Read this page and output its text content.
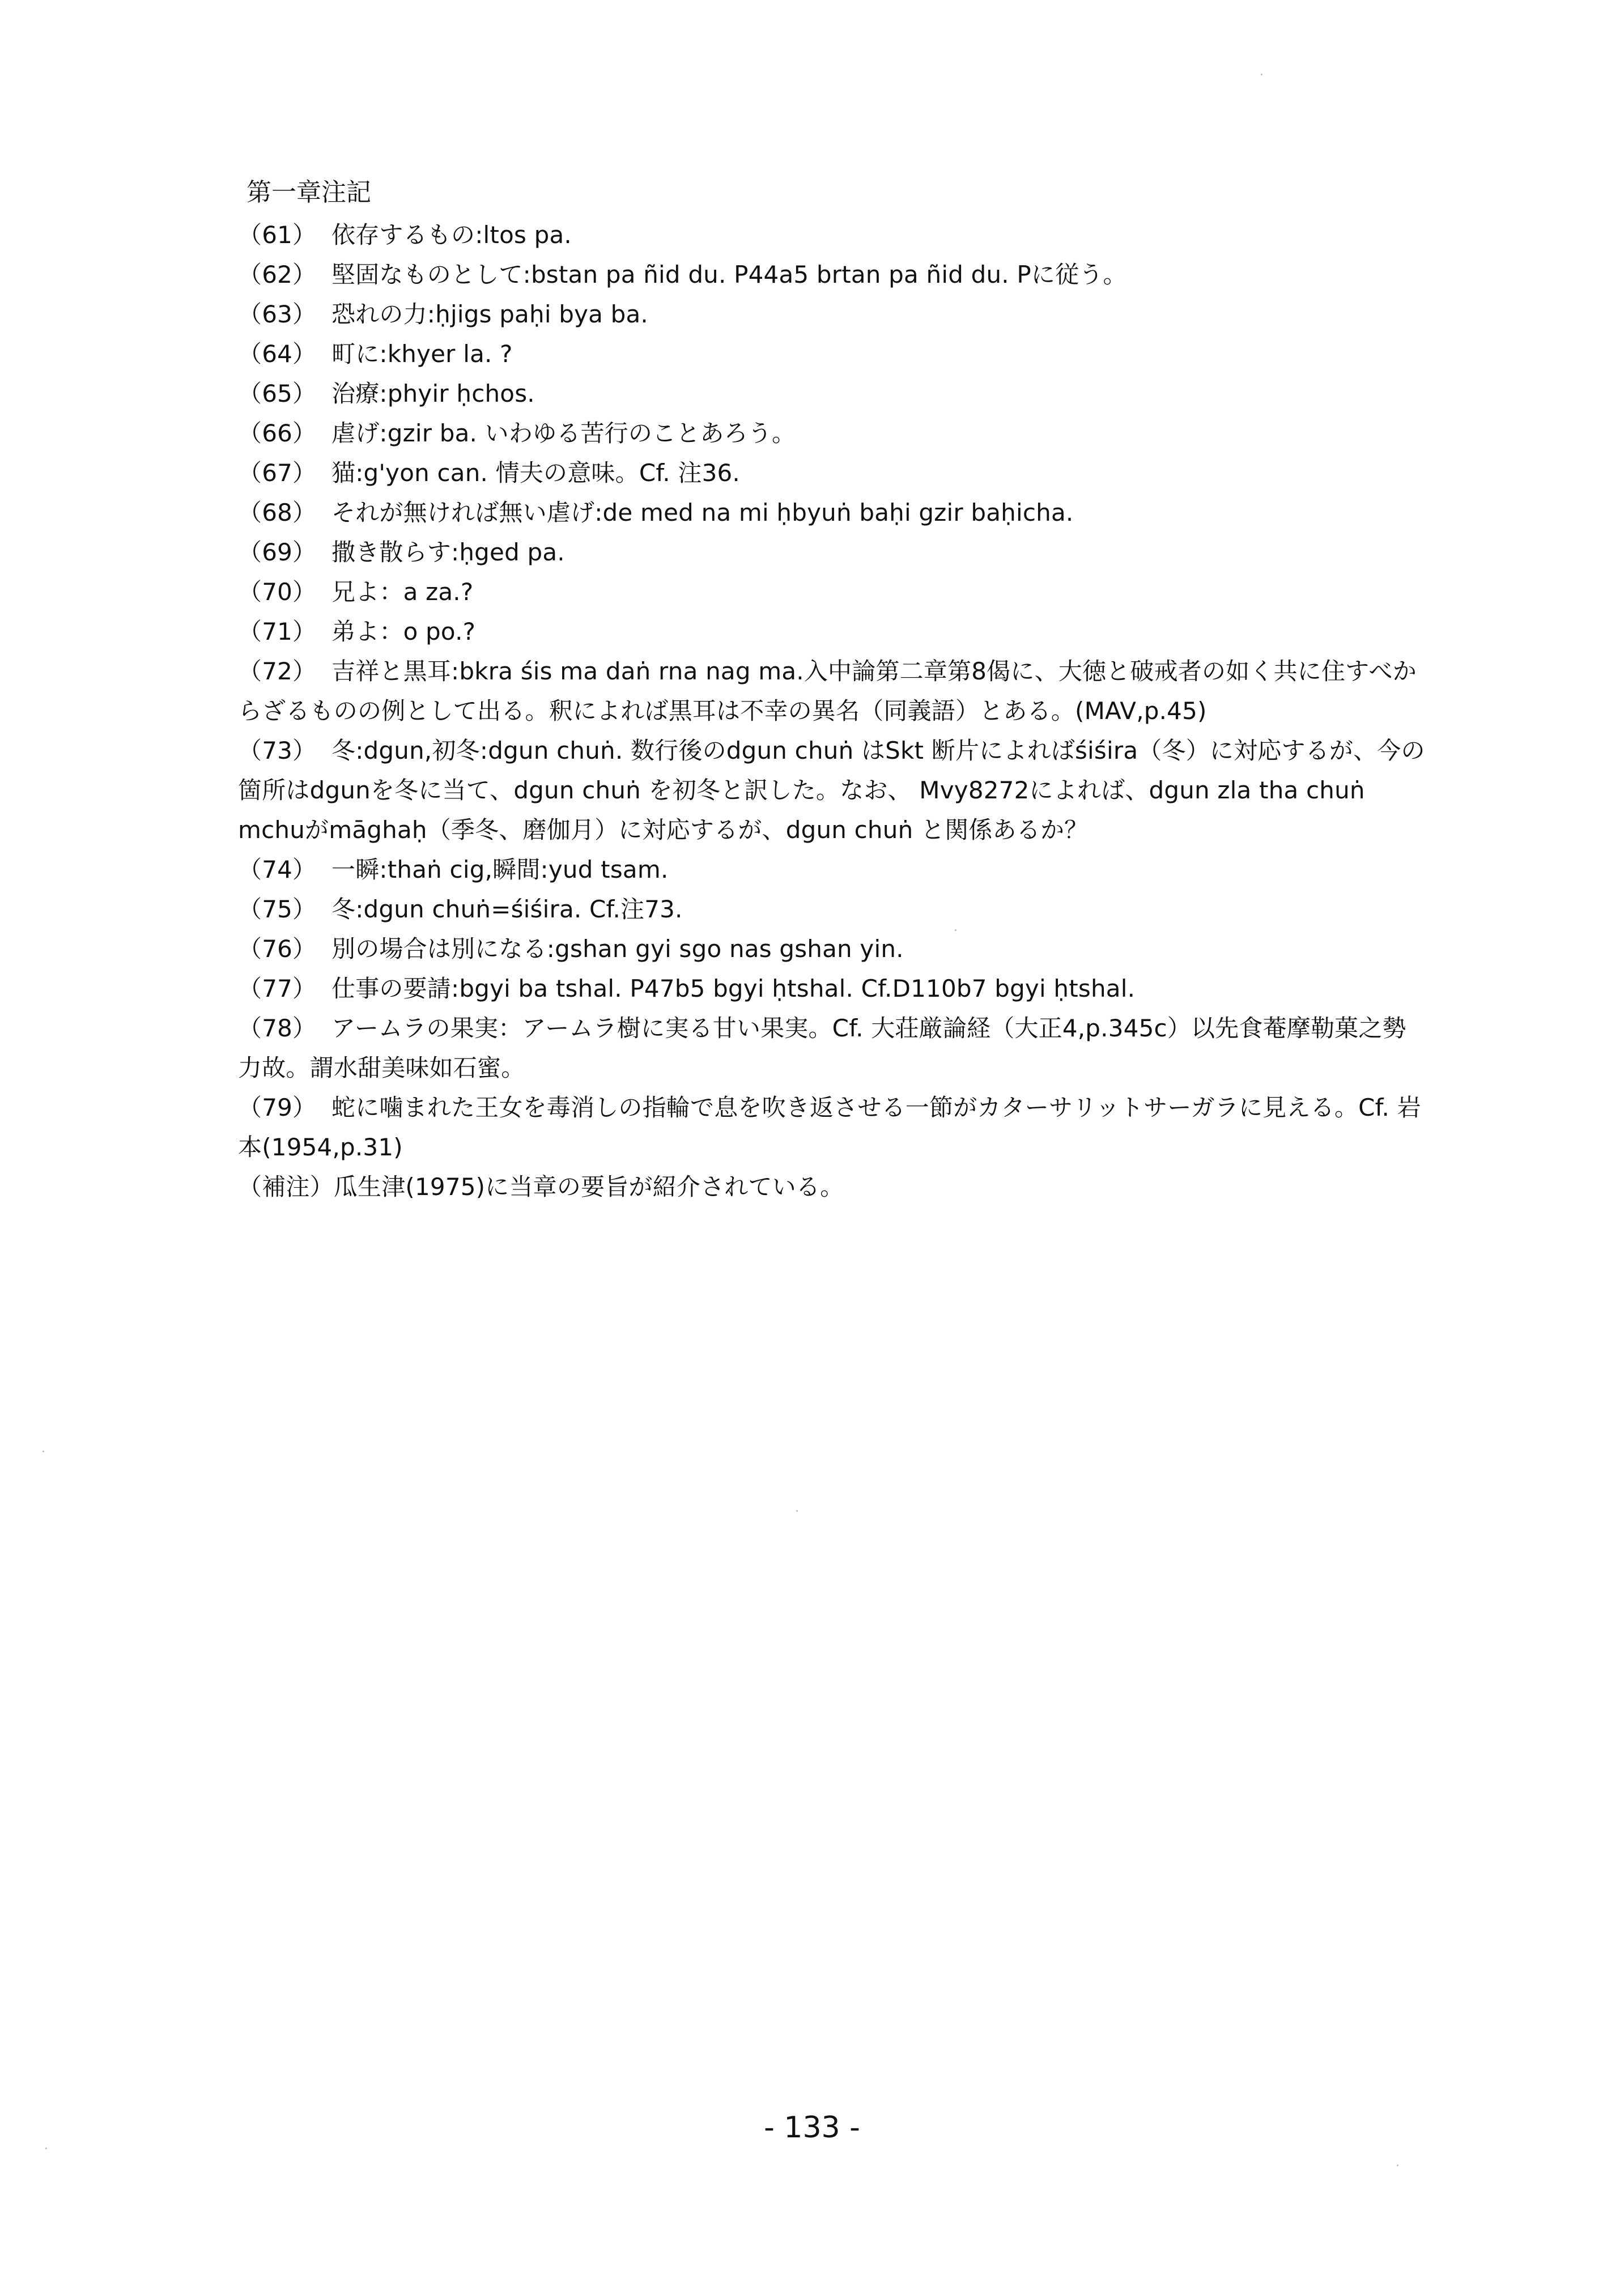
第一章注記
（61） 依存するもの:ltos pa.
（62） 堅固なものとして:bstan pa ñid du. P44a5 brtan pa ñid du. Pに従う。
（63） 恐れの力:ḥjigs paḥi bya ba.
（64） 町に:khyer la. ?
（65） 治療:phyir ḥchos.
（66） 虐げ:gzir ba. いわゆる苦行のことあろう。
（67） 猫:g'yon can. 情夫の意味。Cf. 注36.
（68） それが無ければ無い虐げ:de med na mi ḥbyuṅ baḥi gzir baḥicha.
（69） 撒き散らす:ḥged pa.
（70） 兄よ：a za.?
（71） 弟よ：o po.?
（72） 吉祥と黒耳:bkra śis ma daṅ rna nag ma.入中論第二章第8偈に、大徳と破戒者の如く共に住すべからざるものの例として出る。釈によれば黒耳は不幸の異名（同義語）とある。(MAV,p.45)
（73） 冬:dgun,初冬:dgun chuṅ. 数行後のdgun chuṅ はSkt 断片によればśiśira（冬）に対応するが、今の箇所はdgunを冬に当て、dgun chuṅ を初冬と訳した。なお、 Mvy8272によれば、dgun zla tha chuṅ mchuがmāghaḥ（季冬、磨伽月）に対応するが、dgun chuṅ と関係あるか？
（74） 一瞬:thaṅ cig,瞬間:yud tsam.
（75） 冬:dgun chuṅ=śiśira. Cf.注73.
（76） 別の場合は別になる:gshan gyi sgo nas gshan yin.
（77） 仕事の要請:bgyi ba tshal. P47b5 bgyi ḥtshal. Cf.D110b7 bgyi ḥtshal.
（78） アームラの果実：アームラ樹に実る甘い果実。Cf. 大荘厳論経（大正4,p.345c）以先食菴摩勒菓之勢力故。謂水甜美味如石蜜。
（79） 蛇に噛まれた王女を毒消しの指輪で息を吹き返させる一節がカターサリットサーガラに見える。Cf. 岩本(1954,p.31)
（補注）瓜生津(1975)に当章の要旨が紹介されている。
- 133 -
